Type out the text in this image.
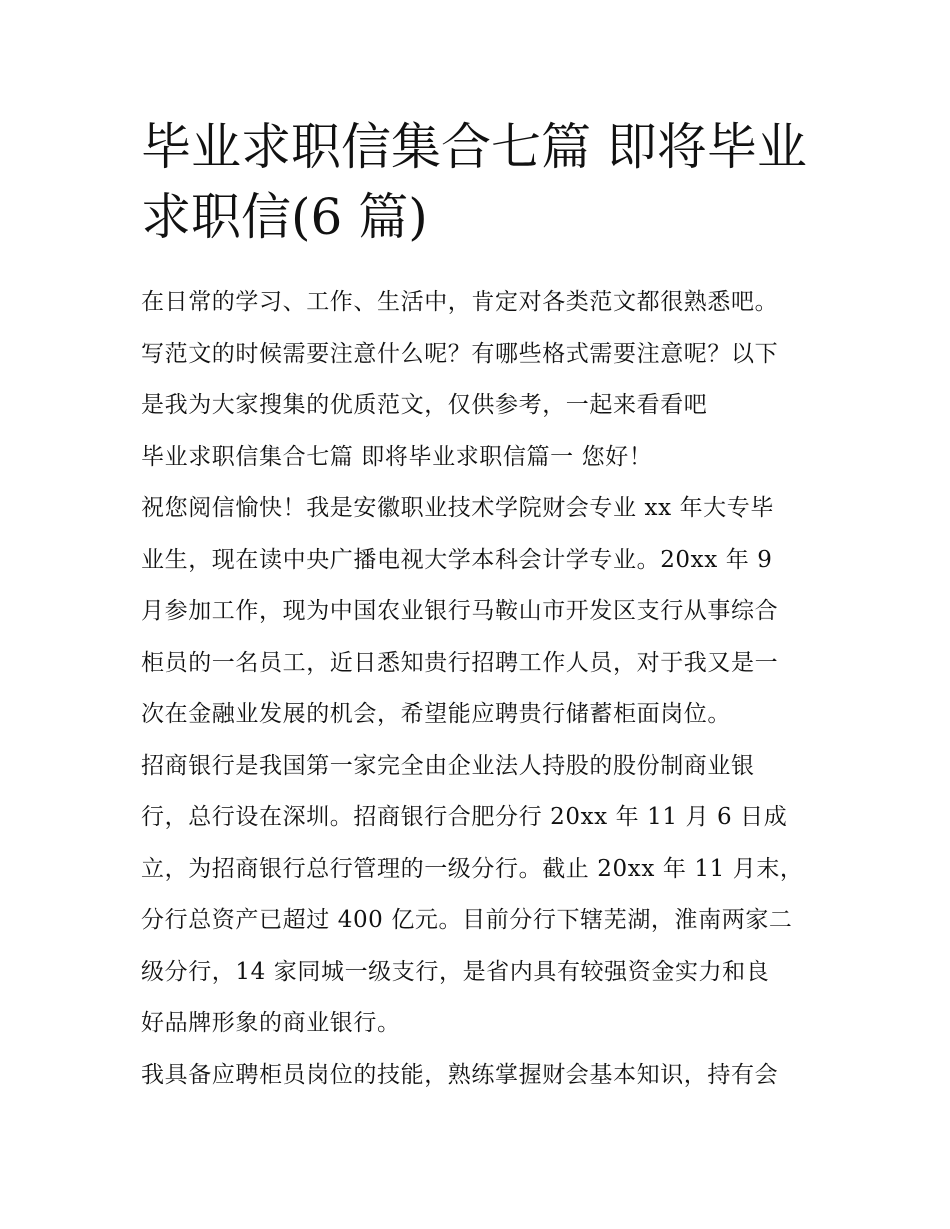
毕业求职信集合七篇 即将毕业
求职信(6 篇)
在日常的学习、工作、生活中，肯定对各类范文都很熟悉吧。
写范文的时候需要注意什么呢？有哪些格式需要注意呢？以下
是我为大家搜集的优质范文，仅供参考，一起来看看吧
毕业求职信集合七篇 即将毕业求职信篇一 您好！
祝您阅信愉快！我是安徽职业技术学院财会专业 xx 年大专毕
业生，现在读中央广播电视大学本科会计学专业。20xx 年 9
月参加工作，现为中国农业银行马鞍山市开发区支行从事综合
柜员的一名员工，近日悉知贵行招聘工作人员，对于我又是一
次在金融业发展的机会，希望能应聘贵行储蓄柜面岗位。
招商银行是我国第一家完全由企业法人持股的股份制商业银
行，总行设在深圳。招商银行合肥分行 20xx 年 11 月 6 日成
立，为招商银行总行管理的一级分行。截止 20xx 年 11 月末，
分行总资产已超过 400 亿元。目前分行下辖芜湖，淮南两家二
级分行，14 家同城一级支行，是省内具有较强资金实力和良
好品牌形象的商业银行。
我具备应聘柜员岗位的技能，熟练掌握财会基本知识，持有会
